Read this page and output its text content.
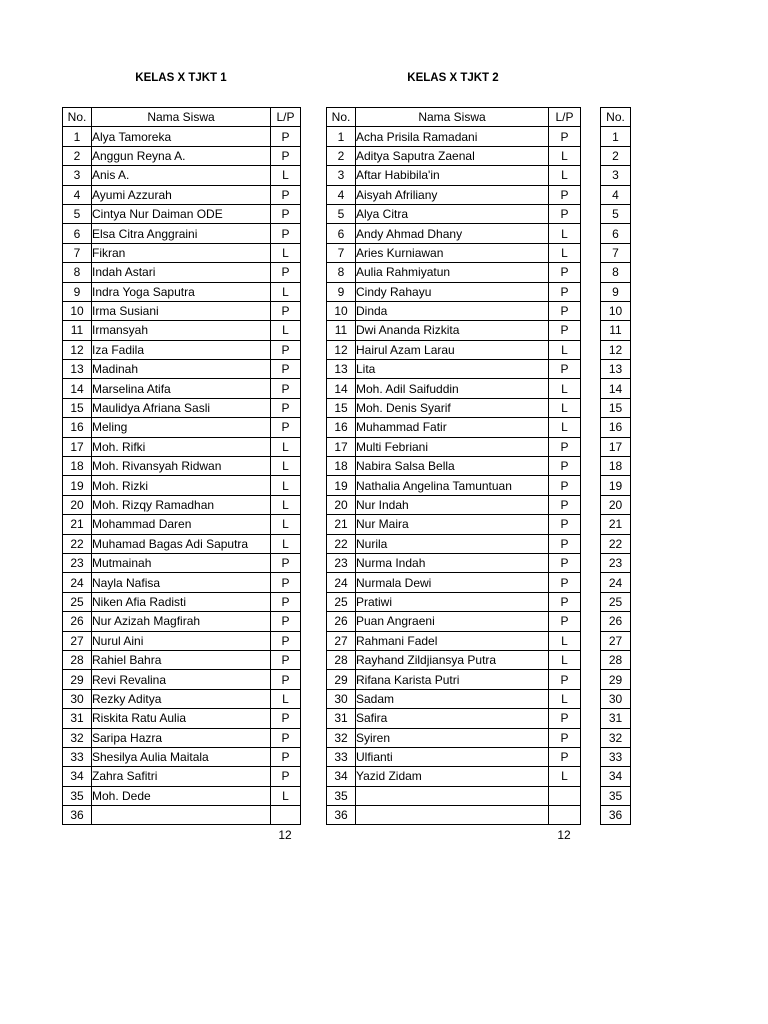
KELAS X TJKT 1
No.	Nama Siswa	L/P
1	Alya Tamoreka	P
2	Anggun Reyna A.	P
3	Anis A.	L
4	Ayumi Azzurah	P
5	Cintya Nur Daiman ODE	P
6	Elsa Citra Anggraini	P
7	Fikran	L
8	Indah Astari	P
9	Indra Yoga Saputra	L
10	Irma Susiani	P
11	Irmansyah	L
12	Iza Fadila	P
13	Madinah	P
14	Marselina Atifa	P
15	Maulidya Afriana Sasli	P
16	Meling	P
17	Moh. Rifki	L
18	Moh. Rivansyah Ridwan	L
19	Moh. Rizki	L
20	Moh. Rizqy Ramadhan	L
21	Mohammad Daren	L
22	Muhamad Bagas Adi Saputra	L
23	Mutmainah	P
24	Nayla Nafisa	P
25	Niken Afia Radisti	P
26	Nur Azizah Magfirah	P
27	Nurul Aini	P
28	Rahiel Bahra	P
29	Revi Revalina	P
30	Rezky Aditya	L
31	Riskita Ratu Aulia	P
32	Saripa Hazra	P
33	Shesilya Aulia Maitala	P
34	Zahra Safitri	P
35	Moh. Dede	L
36		
12
KELAS X TJKT 2
No.	Nama Siswa	L/P
1	Acha Prisila Ramadani	P
2	Aditya Saputra Zaenal	L
3	Aftar Habibila'in	L
4	Aisyah Afriliany	P
5	Alya Citra	P
6	Andy Ahmad Dhany	L
7	Aries Kurniawan	L
8	Aulia Rahmiyatun	P
9	Cindy Rahayu	P
10	Dinda	P
11	Dwi Ananda Rizkita	P
12	Hairul Azam Larau	L
13	Lita	P
14	Moh. Adil Saifuddin	L
15	Moh. Denis Syarif	L
16	Muhammad Fatir	L
17	Multi Febriani	P
18	Nabira Salsa Bella	P
19	Nathalia Angelina Tamuntuan	P
20	Nur Indah	P
21	Nur Maira	P
22	Nurila	P
23	Nurma Indah	P
24	Nurmala Dewi	P
25	Pratiwi	P
26	Puan Angraeni	P
27	Rahmani Fadel	L
28	Rayhand Zildjiansya Putra	L
29	Rifana Karista Putri	P
30	Sadam	L
31	Safira	P
32	Syiren	P
33	Ulfianti	P
34	Yazid Zidam	L
35		
36		
12
No.
1
2
3
4
5
6
7
8
9
10
11
12
13
14
15
16
17
18
19
20
21
22
23
24
25
26
27
28
29
30
31
32
33
34
35
36
